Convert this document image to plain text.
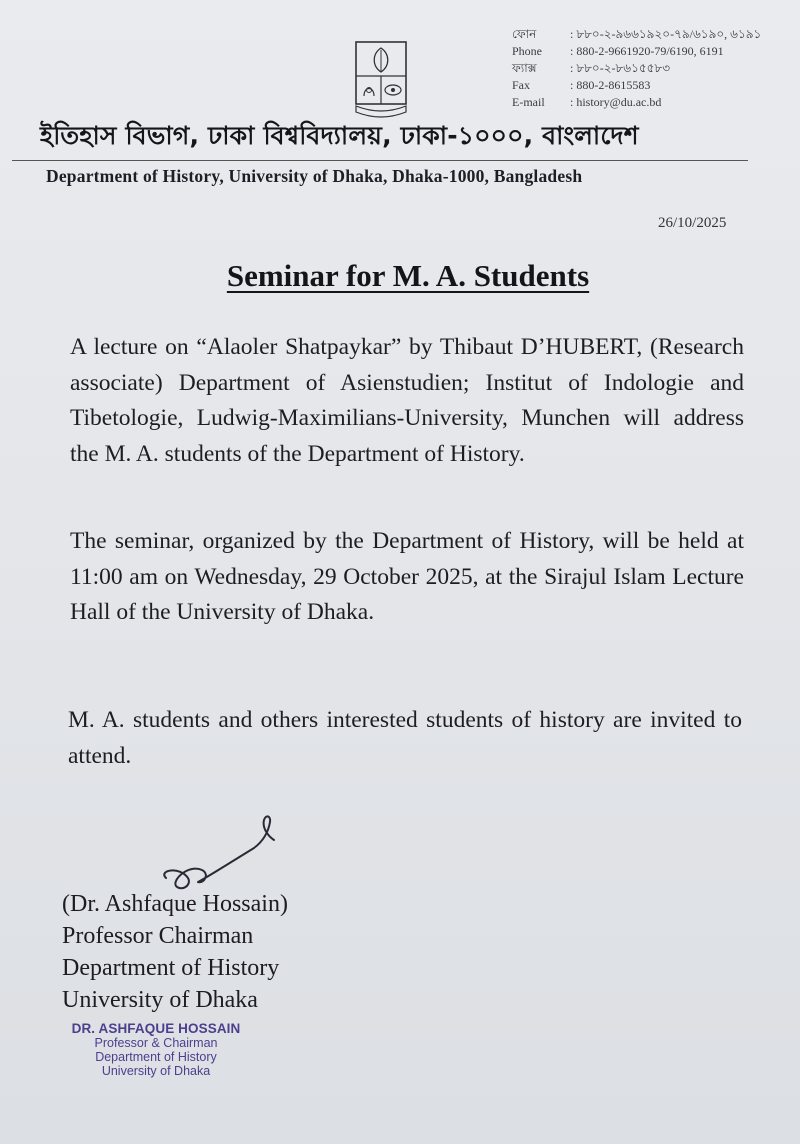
ফোন	: ৮৮০-২-৯৬৬১৯২০-৭৯/৬১৯০, ৬১৯১
Phone	: 880-2-9661920-79/6190, 6191
ফ্যাক্স	: ৮৮০-২-৮৬১৫৫৮৩
Fax	: 880-2-8615583
E-mail	: history@du.ac.bd
ইতিহাস বিভাগ, ঢাকা বিশ্ববিদ্যালয়, ঢাকা-১০০০, বাংলাদেশ
Department of History, University of Dhaka, Dhaka-1000, Bangladesh
26/10/2025
Seminar for M. A. Students
A lecture on “Alaoler Shatpaykar” by Thibaut D’HUBERT, (Research associate) Department of Asienstudien; Institut of Indologie and Tibetologie, Ludwig-Maximilians-University, Munchen will address the M. A. students of the Department of History.
The seminar, organized by the Department of History, will be held at 11:00 am on Wednesday, 29 October 2025, at the Sirajul Islam Lecture Hall of the University of Dhaka.
M. A. students and others interested students of history are invited to attend.
(Dr. Ashfaque Hossain)
Professor Chairman
Department of History
University of Dhaka
DR. ASHFAQUE HOSSAIN
Professor & Chairman
Department of History
University of Dhaka
